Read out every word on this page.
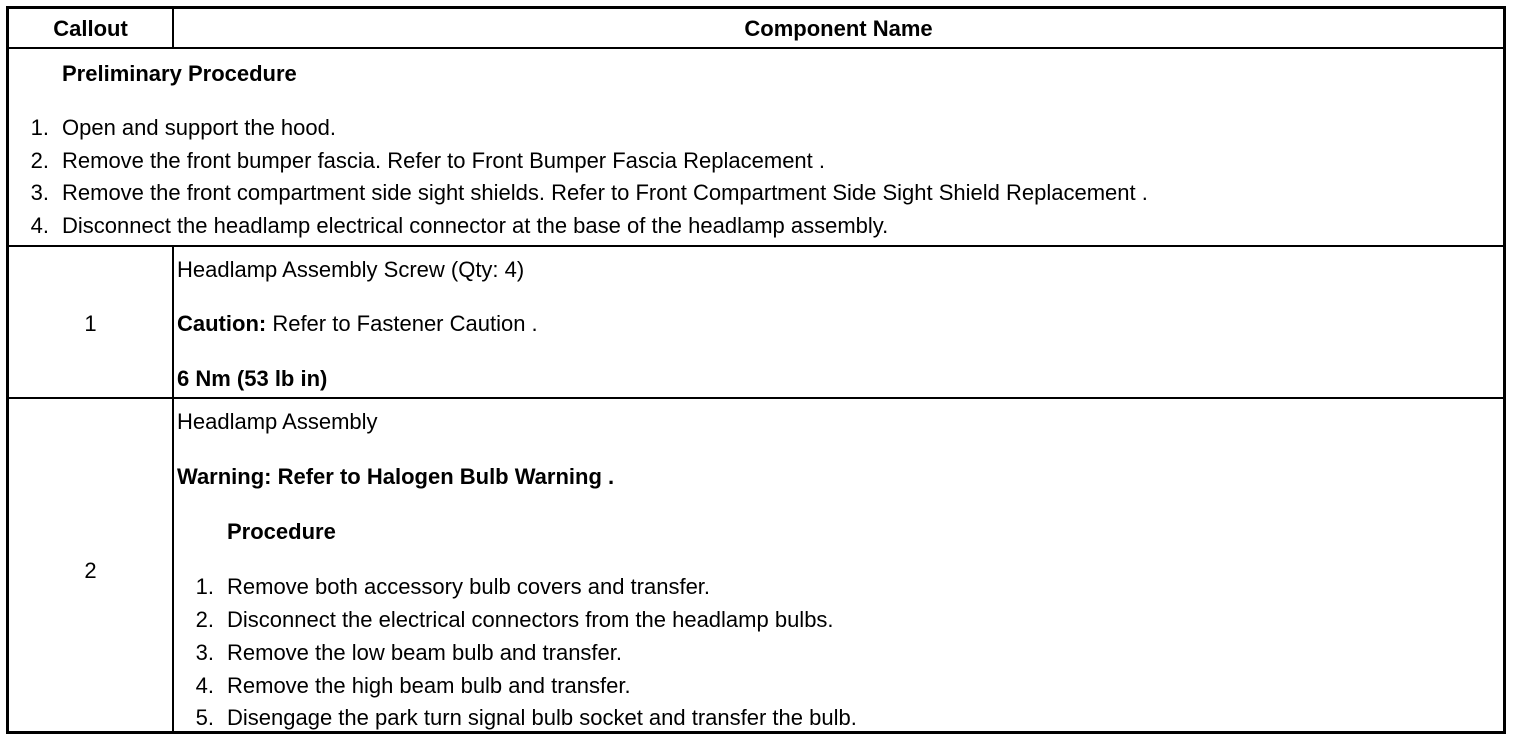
Callout	Component Name
Preliminary Procedure
1. Open and support the hood.
2. Remove the front bumper fascia. Refer to Front Bumper Fascia Replacement .
3. Remove the front compartment side sight shields. Refer to Front Compartment Side Sight Shield Replacement .
4. Disconnect the headlamp electrical connector at the base of the headlamp assembly.
1
Headlamp Assembly Screw (Qty: 4)
Caution: Refer to Fastener Caution .
6 Nm (53 lb in)
2
Headlamp Assembly
Warning: Refer to Halogen Bulb Warning .
Procedure
1. Remove both accessory bulb covers and transfer.
2. Disconnect the electrical connectors from the headlamp bulbs.
3. Remove the low beam bulb and transfer.
4. Remove the high beam bulb and transfer.
5. Disengage the park turn signal bulb socket and transfer the bulb.
